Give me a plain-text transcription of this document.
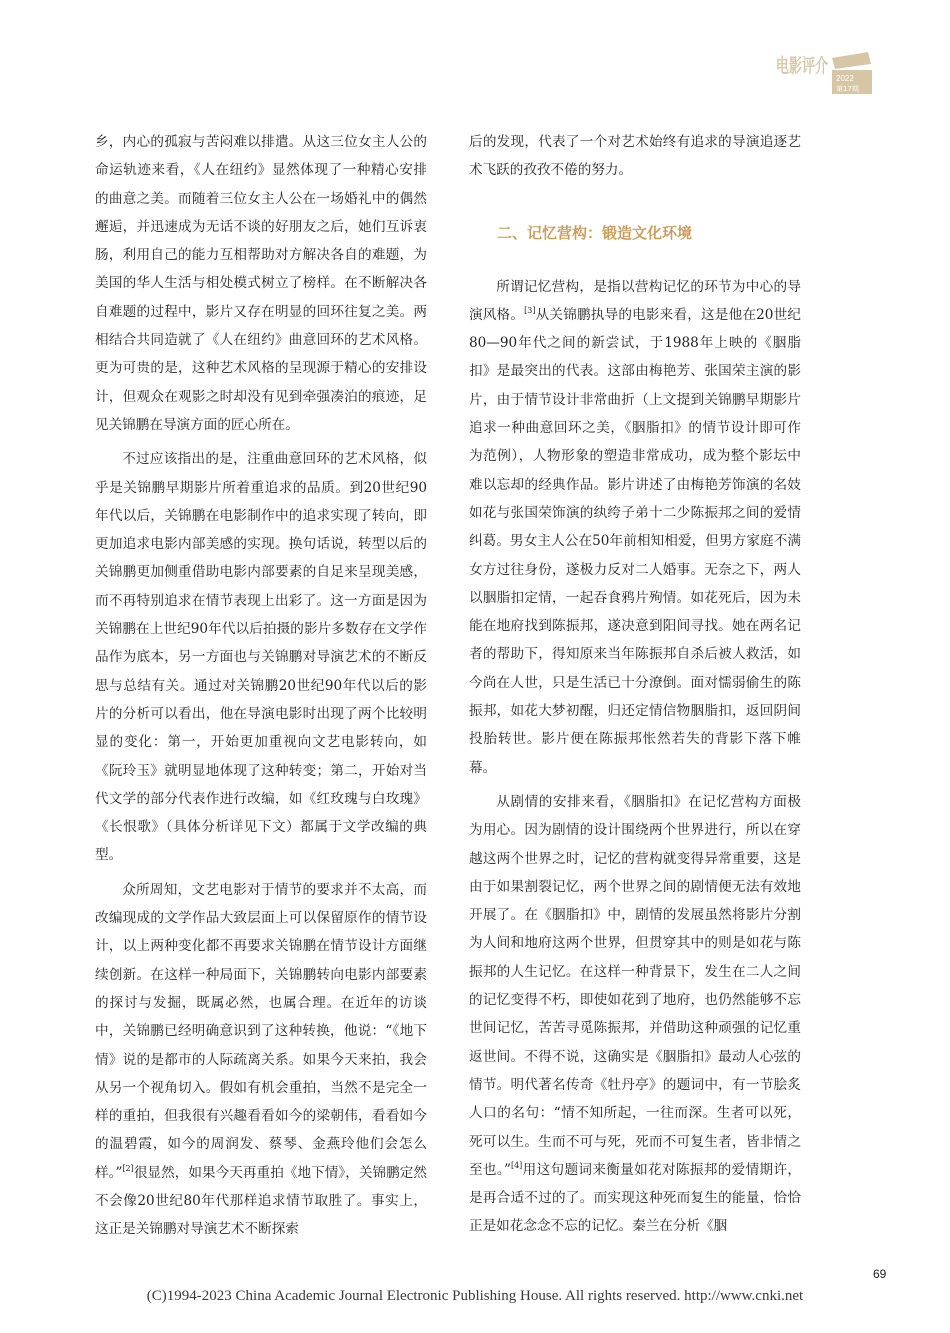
电影评介
2022
第17期

乡，内心的孤寂与苦闷难以排遣。从这三位女主人公的命运轨迹来看，《人在纽约》显然体现了一种精心安排的曲意之美。而随着三位女主人公在一场婚礼中的偶然邂逅，并迅速成为无话不谈的好朋友之后，她们互诉衷肠，利用自己的能力互相帮助对方解决各自的难题，为美国的华人生活与相处模式树立了榜样。在不断解决各自难题的过程中，影片又存在明显的回环往复之美。两相结合共同造就了《人在纽约》曲意回环的艺术风格。更为可贵的是，这种艺术风格的呈现源于精心的安排设计，但观众在观影之时却没有见到牵强凑泊的痕迹，足见关锦鹏在导演方面的匠心所在。

不过应该指出的是，注重曲意回环的艺术风格，似乎是关锦鹏早期影片所着重追求的品质。到20世纪90年代以后，关锦鹏在电影制作中的追求实现了转向，即更加追求电影内部美感的实现。换句话说，转型以后的关锦鹏更加侧重借助电影内部要素的自足来呈现美感，而不再特别追求在情节表现上出彩了。这一方面是因为关锦鹏在上世纪90年代以后拍摄的影片多数存在文学作品作为底本，另一方面也与关锦鹏对导演艺术的不断反思与总结有关。通过对关锦鹏20世纪90年代以后的影片的分析可以看出，他在导演电影时出现了两个比较明显的变化：第一，开始更加重视向文艺电影转向，如《阮玲玉》就明显地体现了这种转变；第二，开始对当代文学的部分代表作进行改编，如《红玫瑰与白玫瑰》《长恨歌》（具体分析详见下文）都属于文学改编的典型。

众所周知，文艺电影对于情节的要求并不太高，而改编现成的文学作品大致层面上可以保留原作的情节设计，以上两种变化都不再要求关锦鹏在情节设计方面继续创新。在这样一种局面下，关锦鹏转向电影内部要素的探讨与发掘，既属必然，也属合理。在近年的访谈中，关锦鹏已经明确意识到了这种转换，他说：“《地下情》说的是都市的人际疏离关系。如果今天来拍，我会从另一个视角切入。假如有机会重拍，当然不是完全一样的重拍，但我很有兴趣看看如今的梁朝伟，看看如今的温碧霞，如今的周润发、蔡琴、金燕玲他们会怎么样。”[2]很显然，如果今天再重拍《地下情》，关锦鹏定然不会像20世纪80年代那样追求情节取胜了。事实上，这正是关锦鹏对导演艺术不断探索

后的发现，代表了一个对艺术始终有追求的导演追逐艺术飞跃的孜孜不倦的努力。

二、记忆营构：锻造文化环境

所谓记忆营构，是指以营构记忆的环节为中心的导演风格。[3]从关锦鹏执导的电影来看，这是他在20世纪80—90年代之间的新尝试，于1988年上映的《胭脂扣》是最突出的代表。这部由梅艳芳、张国荣主演的影片，由于情节设计非常曲折（上文提到关锦鹏早期影片追求一种曲意回环之美，《胭脂扣》的情节设计即可作为范例），人物形象的塑造非常成功，成为整个影坛中难以忘却的经典作品。影片讲述了由梅艳芳饰演的名妓如花与张国荣饰演的纨绔子弟十二少陈振邦之间的爱情纠葛。男女主人公在50年前相知相爱，但男方家庭不满女方过往身份，遂极力反对二人婚事。无奈之下，两人以胭脂扣定情，一起吞食鸦片殉情。如花死后，因为未能在地府找到陈振邦，遂决意到阳间寻找。她在两名记者的帮助下，得知原来当年陈振邦自杀后被人救活，如今尚在人世，只是生活已十分潦倒。面对懦弱偷生的陈振邦，如花大梦初醒，归还定情信物胭脂扣，返回阴间投胎转世。影片便在陈振邦怅然若失的背影下落下帷幕。

从剧情的安排来看，《胭脂扣》在记忆营构方面极为用心。因为剧情的设计围绕两个世界进行，所以在穿越这两个世界之时，记忆的营构就变得异常重要，这是由于如果割裂记忆，两个世界之间的剧情便无法有效地开展了。在《胭脂扣》中，剧情的发展虽然将影片分割为人间和地府这两个世界，但贯穿其中的则是如花与陈振邦的人生记忆。在这样一种背景下，发生在二人之间的记忆变得不朽，即使如花到了地府，也仍然能够不忘世间记忆，苦苦寻觅陈振邦，并借助这种顽强的记忆重返世间。不得不说，这确实是《胭脂扣》最动人心弦的情节。明代著名传奇《牡丹亭》的题词中，有一节脍炙人口的名句：“情不知所起，一往而深。生者可以死，死可以生。生而不可与死，死而不可复生者，皆非情之至也。”[4]用这句题词来衡量如花对陈振邦的爱情期许，是再合适不过的了。而实现这种死而复生的能量，恰恰正是如花念念不忘的记忆。秦兰在分析《胭

69
(C)1994-2023 China Academic Journal Electronic Publishing House. All rights reserved. http://www.cnki.net
